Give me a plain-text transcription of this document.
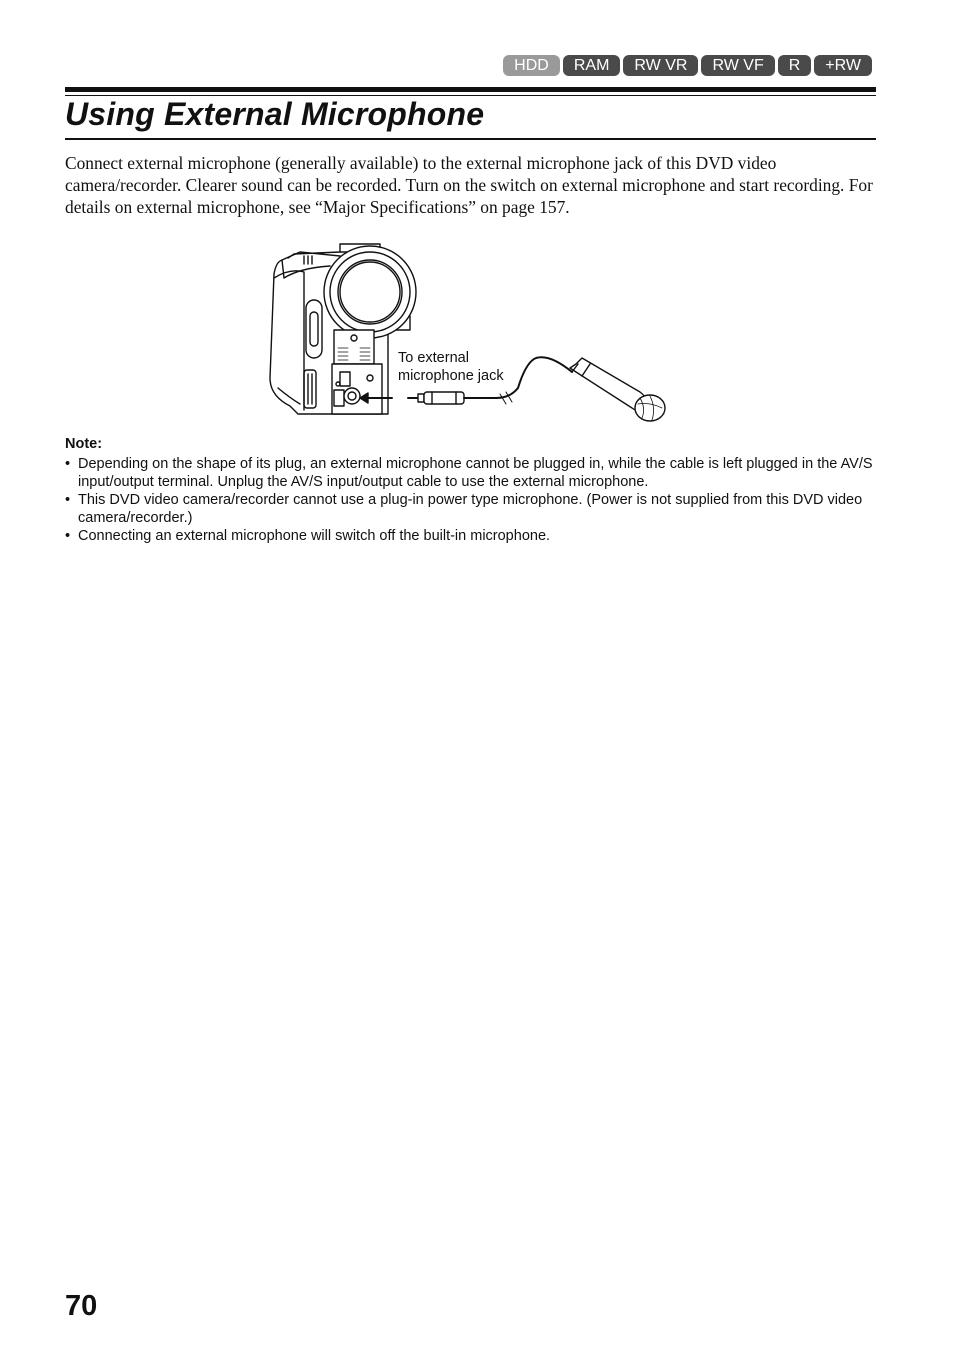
HDD	RAM	RW VR	RW VF	R	+RW
Using External Microphone

Connect external microphone (generally available) to the external microphone jack of this DVD video camera/recorder. Clearer sound can be recorded. Turn on the switch on external microphone and start recording. For details on external microphone, see “Major Specifications” on page 157.

To external
microphone jack
Note:
• Depending on the shape of its plug, an external microphone cannot be plugged in, while the cable is left plugged in the AV/S input/output terminal. Unplug the AV/S input/output cable to use the external microphone.
• This DVD video camera/recorder cannot use a plug-in power type microphone. (Power is not supplied from this DVD video camera/recorder.)
• Connecting an external microphone will switch off the built-in microphone.
70
